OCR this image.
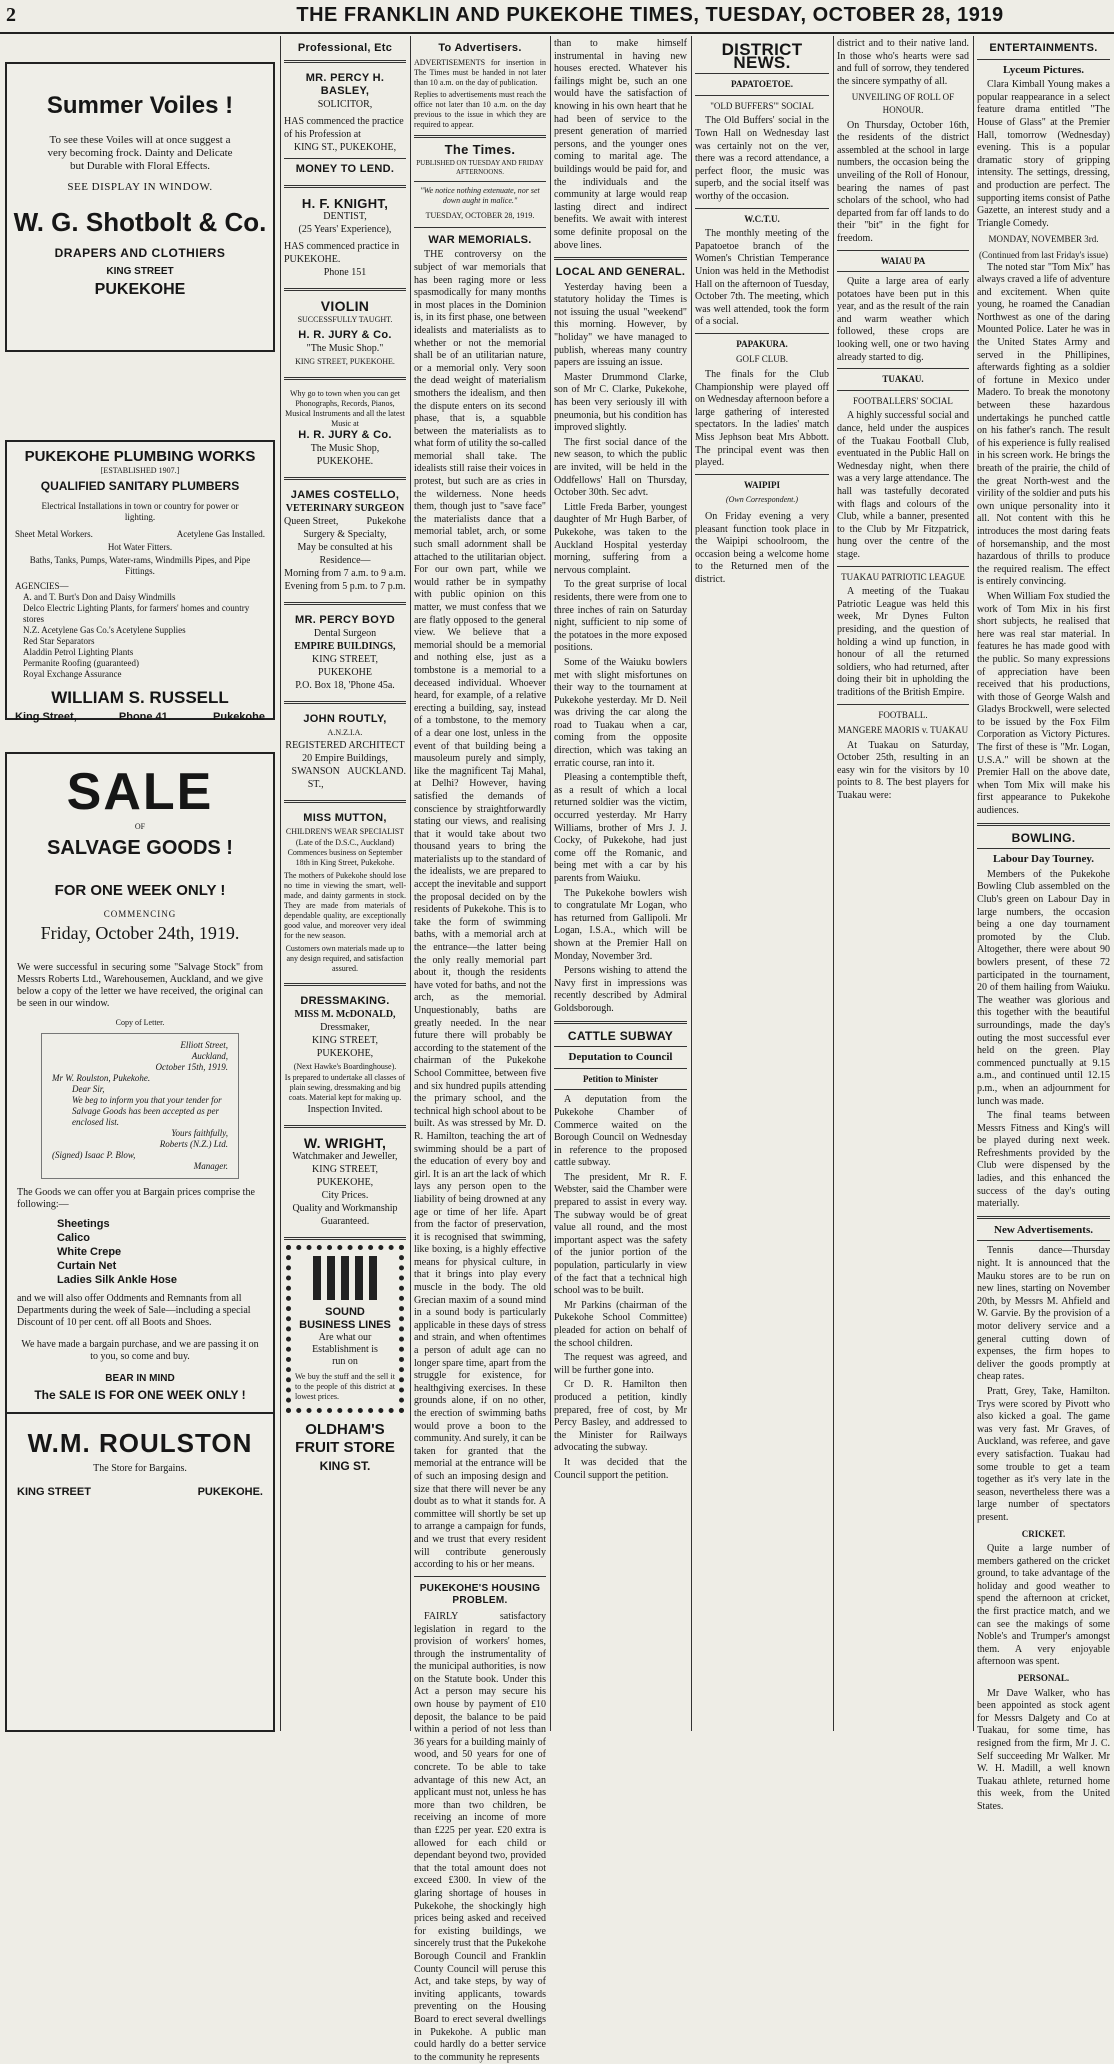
2	THE FRANKLIN AND PUKEKOHE TIMES, TUESDAY, OCTOBER 28, 1919
Summer Voiles !
To see these Voiles will at once suggest a very becoming frock. Dainty and Delicate but Durable with Floral Effects.
SEE DISPLAY IN WINDOW.
W. G. Shotbolt & Co.
DRAPERS AND CLOTHIERS
KING STREET
PUKEKOHE
PUKEKOHE PLUMBING WORKS
[ESTABLISHED 1907.]
QUALIFIED SANITARY PLUMBERS
Electrical Installations in town or country for power or lighting.
Sheet Metal Workers.	Acetylene Gas Installed.
Hot Water Fitters.
Baths, Tanks, Pumps, Water-rams, Windmills Pipes, and Pipe Fittings.
AGENCIES—
A. and T. Burt's Don and Daisy Windmills
Delco Electric Lighting Plants, for farmers' homes and country stores
N.Z. Acetylene Gas Co.'s Acetylene Supplies
Red Star Separators
Aladdin Petrol Lighting Plants
Permanite Roofing (guaranteed)
Royal Exchange Assurance
WILLIAM S. RUSSELL
King Street,	Phone 41.	Pukekohe
SALE
OF
SALVAGE GOODS !
FOR ONE WEEK ONLY !
COMMENCING
Friday, October 24th, 1919.
We were successful in securing some "Salvage Stock" from Messrs Roberts Ltd., Warehousemen, Auckland, and we give below a copy of the letter we have received, the original can be seen in our window.
Copy of Letter.
Elliott Street,
Auckland,
October 15th, 1919.
Mr W. Roulston, Pukekohe.
Dear Sir,
We beg to inform you that your tender for Salvage Goods has been accepted as per enclosed list.
Yours faithfully,
Roberts (N.Z.) Ltd.
(Signed) Isaac P. Blow,
Manager.
The Goods we can offer you at Bargain prices comprise the following:—
Sheetings
Calico
White Crepe
Curtain Net
Ladies Silk Ankle Hose
and we will also offer Oddments and Remnants from all Departments during the week of Sale—including a special Discount of 10 per cent. off all Boots and Shoes.
We have made a bargain purchase, and we are passing it on to you, so come and buy.
BEAR IN MIND
The SALE IS FOR ONE WEEK ONLY !
W.M. ROULSTON
The Store for Bargains.
KING STREET	PUKEKOHE.
Professional, Etc
MR. PERCY H. BASLEY,
SOLICITOR,
HAS commenced the practice of his Profession at
KING ST., PUKEKOHE,
MONEY TO LEND.
H. F. KNIGHT,
DENTIST,
(25 Years' Experience),
HAS commenced practice in PUKEKOHE.
Phone 151
VIOLIN
SUCCESSFULLY TAUGHT.
H. R. JURY & Co.
"The Music Shop."
KING STREET, PUKEKOHE.
Why go to town when you can get Phonographs, Records, Pianos, Musical Instruments and all the latest Music at
H. R. JURY & Co.
The Music Shop,
PUKEKOHE.
JAMES COSTELLO,
VETERINARY SURGEON
Queen Street,	Pukekohe
Surgery & Specialty,
May be consulted at his Residence—
Morning from 7 a.m. to 9 a.m.
Evening from 5 p.m. to 7 p.m.
MR. PERCY BOYD
Dental Surgeon
EMPIRE BUILDINGS,
KING STREET, PUKEKOHE
P.O. Box 18, 'Phone 45a.
JOHN ROUTLY,
A.N.Z.I.A.
REGISTERED ARCHITECT
20 Empire Buildings,
SWANSON ST.,
AUCKLAND.
MISS MUTTON,
CHILDREN'S WEAR SPECIALIST
(Late of the D.S.C., Auckland) Commences business on September 18th in King Street, Pukekohe.
The mothers of Pukekohe should lose no time in viewing the smart, well-made, and dainty garments in stock. They are made from materials of dependable quality, are exceptionally good value, and moreover very ideal for the new season.
Customers own materials made up to any design required, and satisfaction assured.
DRESSMAKING.
MISS M. McDONALD,
Dressmaker,
KING STREET, PUKEKOHE,
(Next Hawke's Boardinghouse).
Is prepared to undertake all classes of plain sewing, dressmaking and big coats. Material kept for making up.
Inspection Invited.
W. WRIGHT,
Watchmaker and Jeweller,
KING STREET, PUKEKOHE,
City Prices.
Quality and Workmanship
Guaranteed.
SOUND
BUSINESS LINES
Are what our
Establishment is
run on
We buy the stuff and the sell it to the people of this district at lowest prices.
OLDHAM'S
FRUIT STORE
KING ST.
To Advertisers.
ADVERTISEMENTS for insertion in The Times must be handed in not later than 10 a.m. on the day of publication.
Replies to advertisements must reach the office not later than 10 a.m. on the day previous to the issue in which they are required to appear.
The Times.
PUBLISHED ON TUESDAY AND FRIDAY AFTERNOONS.
"We notice nothing extenuate, nor set down aught in malice."
TUESDAY, OCTOBER 28, 1919.
WAR MEMORIALS.

THE controversy on the subject of war memorials that has been raging more or less spasmodically for many months in most places in the Dominion is, in its first phase, one between idealists and materialists as to whether or not the memorial shall be of an utilitarian nature, or a memorial only. Very soon the dead weight of materialism smothers the idealism, and then the dispute enters on its second phase, that is, a squabble between the materialists as to what form of utility the so-called memorial shall take. The idealists still raise their voices in protest, but such are as cries in the wilderness. None heeds them, though just to "save face" the materialists dance that a memorial tablet, arch, or some such small adornment shall be attached to the utilitarian object. For our own part, while we would rather be in sympathy with public opinion on this matter, we must confess that we are flatly opposed to the general view. We believe that a memorial should be a memorial and nothing else, just as a tombstone is a memorial to a deceased individual. Whoever heard, for example, of a relative erecting a building, say, instead of a tombstone, to the memory of a dear one lost, unless in the event of that building being a mausoleum purely and simply, like the magnificent Taj Mahal, at Delhi? However, having satisfied the demands of conscience by straightforwardly stating our views, and realising that it would take about two thousand years to bring the materialists up to the standard of the idealists, we are prepared to accept the inevitable and support the proposal decided on by the residents of Pukekohe. This is to take the form of swimming baths, with a memorial arch at the entrance—the latter being the only really memorial part about it, though the residents have voted for baths, and not the arch, as the memorial. Unquestionably, baths are greatly needed. In the near future there will probably be according to the statement of the chairman of the Pukekohe School Committee, between five and six hundred pupils attending the primary school, and the technical high school about to be built. As was stressed by Mr. D. R. Hamilton, teaching the art of swimming should be a part of the education of every boy and girl. It is an art the lack of which lays any person open to the liability of being drowned at any age or time of her life. Apart from the factor of preservation, it is recognised that swimming, like boxing, is a highly effective means for physical culture, in that it brings into play every muscle in the body. The old Grecian maxim of a sound mind in a sound body is particularly applicable in these days of stress and strain, and when oftentimes a person of adult age can no longer spare time, apart from the struggle for existence, for healthgiving exercises. In these grounds alone, if on no other, the erection of swimming baths would prove a boon to the community. And surely, it can be taken for granted that the memorial at the entrance will be of such an imposing design and size that there will never be any doubt as to what it stands for. A committee will shortly be set up to arrange a campaign for funds, and we trust that every resident will contribute generously according to his or her means.

PUKEKOHE'S HOUSING PROBLEM.

FAIRLY satisfactory legislation in regard to the provision of workers' homes, through the instrumentality of the municipal authorities, is now on the Statute book. Under this Act a person may secure his own house by payment of £10 deposit, the balance to be paid within a period of not less than 36 years for a building mainly of wood, and 50 years for one of concrete. To be able to take advantage of this new Act, an applicant must not, unless he has more than two children, be receiving an income of more than £225 per year. £20 extra is allowed for each child or dependant beyond two, provided that the total amount does not exceed £300. In view of the glaring shortage of houses in Pukekohe, the shockingly high prices being asked and received for existing buildings, we sincerely trust that the Pukekohe Borough Council and Franklin County Council will peruse this Act, and take steps, by way of inviting applicants, towards preventing on the Housing Board to erect several dwellings in Pukekohe. A public man could hardly do a better service to the community he represents

than to make himself instrumental in having new houses erected. Whatever his failings might be, such an one would have the satisfaction of knowing in his own heart that he had been of service to the present generation of married persons, and the younger ones coming to marital age. The buildings would be paid for, and the individuals and the community at large would reap lasting direct and indirect benefits. We await with interest some definite proposal on the above lines.

LOCAL AND GENERAL.

Yesterday having been a statutory holiday the Times is not issuing the usual "weekend" this morning. However, by "holiday" we have managed to publish, whereas many country papers are issuing an issue.

Master Drummond Clarke, son of Mr C. Clarke, Pukekohe, has been very seriously ill with pneumonia, but his condition has improved slightly.

The first social dance of the new season, to which the public are invited, will be held in the Oddfellows' Hall on Thursday, October 30th. Sec advt.

Little Freda Barber, youngest daughter of Mr Hugh Barber, of Pukekohe, was taken to the Auckland Hospital yesterday morning, suffering from a nervous complaint.

To the great surprise of local residents, there were from one to three inches of rain on Saturday night, sufficient to nip some of the potatoes in the more exposed positions.

Some of the Waiuku bowlers met with slight misfortunes on their way to the tournament at Pukekohe yesterday. Mr D. Neil was driving the car along the road to Tuakau when a car, coming from the opposite direction, which was taking an erratic course, ran into it.

Pleasing a contemptible theft, as a result of which a local returned soldier was the victim, occurred yesterday. Mr Harry Williams, brother of Mrs J. J. Cocky, of Pukekohe, had just come off the Romanic, and being met with a car by his parents from Waiuku.

The Pukekohe bowlers wish to congratulate Mr Logan, who has returned from Gallipoli. Mr Logan, I.S.A., which will be shown at the Premier Hall on Monday, November 3rd.

Persons wishing to attend the Navy first in impressions was recently described by Admiral Goldsborough.

CATTLE SUBWAY
Deputation to Council
Petition to Minister

A deputation from the Pukekohe Chamber of Commerce waited on the Borough Council on Wednesday in reference to the proposed cattle subway.

The president, Mr R. F. Webster, said the Chamber were prepared to assist in every way. The subway would be of great value all round, and the most important aspect was the safety of the junior portion of the population, particularly in view of the fact that a technical high school was to be built.

Mr Parkins (chairman of the Pukekohe School Committee) pleaded for action on behalf of the school children.

The request was agreed, and will be further gone into.

Cr D. R. Hamilton then produced a petition, kindly prepared, free of cost, by Mr Percy Basley, and addressed to the Minister for Railways advocating the subway.

It was decided that the Council support the petition.

DISTRICT NEWS.
PAPATOETOE.
"OLD BUFFERS'" SOCIAL

The Old Buffers' social in the Town Hall on Wednesday last was certainly not on the ver, there was a record attendance, a perfect floor, the music was superb, and the social itself was worthy of the occasion.

W.C.T.U.

The monthly meeting of the Papatoetoe branch of the Women's Christian Temperance Union was held in the Methodist Hall on the afternoon of Tuesday, October 7th. The meeting, which was well attended, took the form of a social.

PAPAKURA.
GOLF CLUB.

The finals for the Club Championship were played off on Wednesday afternoon before a large gathering of interested spectators. In the ladies' match Miss Jephson beat Mrs Abbott. The principal event was then played.

WAIPIPI
(Own Correspondent.)

On Friday evening a very pleasant function took place in the Waipipi schoolroom, the occasion being a welcome home to the Returned men of the district.

district and to their native land. In those who's hearts were sad and full of sorrow, they tendered the sincere sympathy of all.

UNVEILING OF ROLL OF HONOUR.

On Thursday, October 16th, the residents of the district assembled at the school in large numbers, the occasion being the unveiling of the Roll of Honour, bearing the names of past scholars of the school, who had departed from far off lands to do their "bit" in the fight for freedom.

WAIAU PA

Quite a large area of early potatoes have been put in this year, and as the result of the rain and warm weather which followed, these crops are looking well, one or two having already started to dig.

TUAKAU.
FOOTBALLERS' SOCIAL

A highly successful social and dance, held under the auspices of the Tuakau Football Club, eventuated in the Public Hall on Wednesday night, when there was a very large attendance. The hall was tastefully decorated with flags and colours of the Club, while a banner, presented to the Club by Mr Fitzpatrick, hung over the centre of the stage.

TUAKAU PATRIOTIC LEAGUE

A meeting of the Tuakau Patriotic League was held this week, Mr Dynes Fulton presiding, and the question of holding a wind up function, in honour of all the returned soldiers, who had returned, after doing their bit in upholding the traditions of the British Empire.

FOOTBALL.
MANGERE MAORIS v. TUAKAU

At Tuakau on Saturday, October 25th, resulting in an easy win for the visitors by 10 points to 8. The best players for Tuakau were:

ENTERTAINMENTS.
Lyceum Pictures.

Clara Kimball Young makes a popular reappearance in a select feature drama entitled "The House of Glass" at the Premier Hall, tomorrow (Wednesday) evening. This is a popular dramatic story of gripping intensity. The settings, dressing, and production are perfect. The supporting items consist of Pathe Gazette, an interest study and a Triangle Comedy.

MONDAY, NOVEMBER 3rd.
(Continued from last Friday's issue)

The noted star "Tom Mix" has always craved a life of adventure and excitement. When quite young, he roamed the Canadian Northwest as one of the daring Mounted Police. Later he was in the United States Army and served in the Phillipines, afterwards fighting as a soldier of fortune in Mexico under Madero. To break the monotony between these hazardous undertakings he punched cattle on his father's ranch. The result of his experience is fully realised in his screen work. He brings the breath of the prairie, the child of the great North-west and the virility of the soldier and puts his own unique personality into it all. Not content with this he introduces the most daring feats of horsemanship, and the most hazardous of thrills to produce the required realism. The effect is entirely convincing.

When William Fox studied the work of Tom Mix in his first short subjects, he realised that here was real star material. In features he has made good with the public. So many expressions of appreciation have been received that his productions, with those of George Walsh and Gladys Brockwell, were selected to be issued by the Fox Film Corporation as Victory Pictures. The first of these is "Mr. Logan, U.S.A." will be shown at the Premier Hall on the above date, when Tom Mix will make his first appearance to Pukekohe audiences.

BOWLING.
Labour Day Tourney.

Members of the Pukekohe Bowling Club assembled on the Club's green on Labour Day in large numbers, the occasion being a one day tournament promoted by the Club. Altogether, there were about 90 bowlers present, of these 72 participated in the tournament, 20 of them hailing from Waiuku. The weather was glorious and this together with the beautiful surroundings, made the day's outing the most successful ever held on the green. Play commenced punctually at 9.15 a.m., and continued until 12.15 p.m., when an adjournment for lunch was made.

The final teams between Messrs Fitness and King's will be played during next week. Refreshments provided by the Club were dispensed by the ladies, and this enhanced the success of the day's outing materially.

New Advertisements.

Tennis dance—Thursday night. It is announced that the Mauku stores are to be run on new lines, starting on November 20th, by Messrs M. Ahfield and W. Garvie. By the provision of a motor delivery service and a general cutting down of expenses, the firm hopes to deliver the goods promptly at cheap rates.

Pratt, Grey, Take, Hamilton. Trys were scored by Pivott who also kicked a goal. The game was very fast. Mr Graves, of Auckland, was referee, and gave every satisfaction. Tuakau had some trouble to get a team together as it's very late in the season, nevertheless there was a large number of spectators present.

CRICKET.

Quite a large number of members gathered on the cricket ground, to take advantage of the holiday and good weather to spend the afternoon at cricket, the first practice match, and we can see the makings of some Noble's and Trumper's amongst them. A very enjoyable afternoon was spent.

PERSONAL.

Mr Dave Walker, who has been appointed as stock agent for Messrs Dalgety and Co at Tuakau, for some time, has resigned from the firm, Mr J. C. Self succeeding Mr Walker. Mr W. H. Madill, a well known Tuakau athlete, returned home this week, from the United States.
